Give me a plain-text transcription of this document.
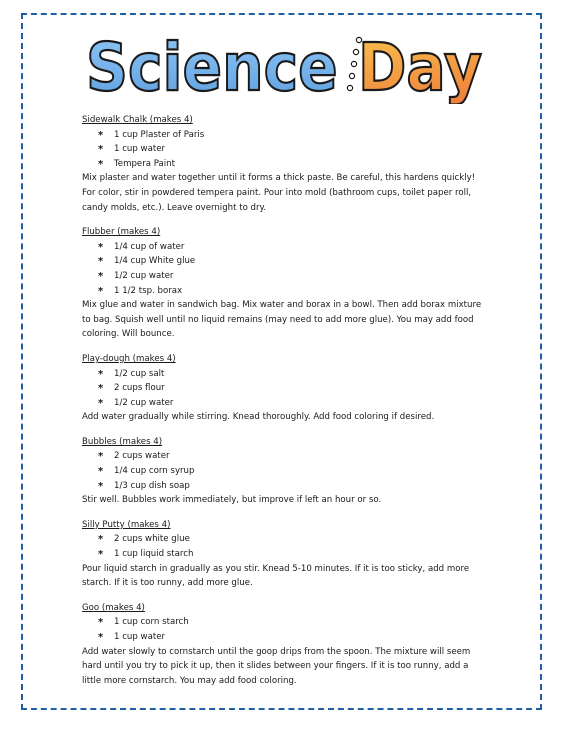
Science Day
Sidewalk Chalk (makes 4)
* 1 cup Plaster of Paris
* 1 cup water
* Tempera Paint

Mix plaster and water together until it forms a thick paste. Be careful, this hardens quickly! For color, stir in powdered tempera paint. Pour into mold (bathroom cups, toilet paper roll, candy molds, etc.). Leave overnight to dry.

Flubber (makes 4)
* 1/4 cup of water
* 1/4 cup White glue
* 1/2 cup water
* 1 1/2 tsp. borax

Mix glue and water in sandwich bag. Mix water and borax in a bowl. Then add borax mixture to bag. Squish well until no liquid remains (may need to add more glue). You may add food coloring. Will bounce.

Play-dough (makes 4)
* 1/2 cup salt
* 2 cups flour
* 1/2 cup water

Add water gradually while stirring. Knead thoroughly. Add food coloring if desired.

Bubbles (makes 4)
* 2 cups water
* 1/4 cup corn syrup
* 1/3 cup dish soap

Stir well. Bubbles work immediately, but improve if left an hour or so.

Silly Putty (makes 4)
* 2 cups white glue
* 1 cup liquid starch

Pour liquid starch in gradually as you stir. Knead 5-10 minutes. If it is too sticky, add more starch. If it is too runny, add more glue.

Goo (makes 4)
* 1 cup corn starch
* 1 cup water

Add water slowly to cornstarch until the goop drips from the spoon. The mixture will seem hard until you try to pick it up, then it slides between your fingers. If it is too runny, add a little more cornstarch. You may add food coloring.
